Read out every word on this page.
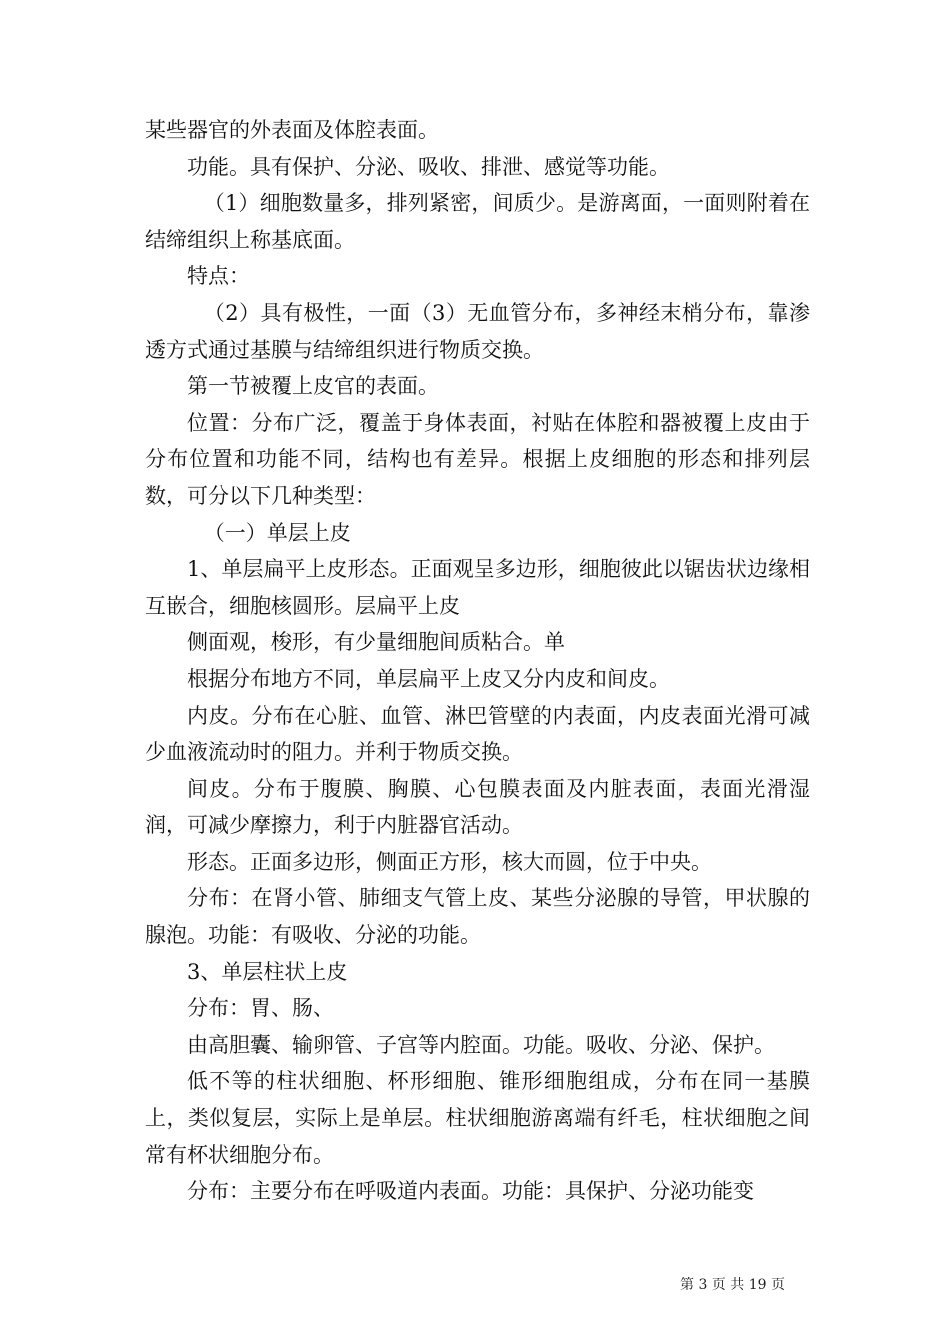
某些器官的外表面及体腔表面。

功能。具有保护、分泌、吸收、排泄、感觉等功能。

（1）细胞数量多，排列紧密，间质少。是游离面，一面则附着在结缔组织上称基底面。

特点：

（2）具有极性，一面（3）无血管分布，多神经末梢分布，靠渗透方式通过基膜与结缔组织进行物质交换。

第一节被覆上皮官的表面。

位置：分布广泛，覆盖于身体表面，衬贴在体腔和器被覆上皮由于分布位置和功能不同，结构也有差异。根据上皮细胞的形态和排列层数，可分以下几种类型：

（一）单层上皮

1、单层扁平上皮形态。正面观呈多边形，细胞彼此以锯齿状边缘相互嵌合，细胞核圆形。层扁平上皮

侧面观，梭形，有少量细胞间质粘合。单

根据分布地方不同，单层扁平上皮又分内皮和间皮。

内皮。分布在心脏、血管、淋巴管壁的内表面，内皮表面光滑可减少血液流动时的阻力。并利于物质交换。

间皮。分布于腹膜、胸膜、心包膜表面及内脏表面，表面光滑湿润，可减少摩擦力，利于内脏器官活动。

形态。正面多边形，侧面正方形，核大而圆，位于中央。

分布：在肾小管、肺细支气管上皮、某些分泌腺的导管，甲状腺的腺泡。功能：有吸收、分泌的功能。

3、单层柱状上皮

分布：胃、肠、

由高胆囊、输卵管、子宫等内腔面。功能。吸收、分泌、保护。

低不等的柱状细胞、杯形细胞、锥形细胞组成，分布在同一基膜上，类似复层，实际上是单层。柱状细胞游离端有纤毛，柱状细胞之间常有杯状细胞分布。

分布：主要分布在呼吸道内表面。功能：具保护、分泌功能变

第 3 页 共 19 页
